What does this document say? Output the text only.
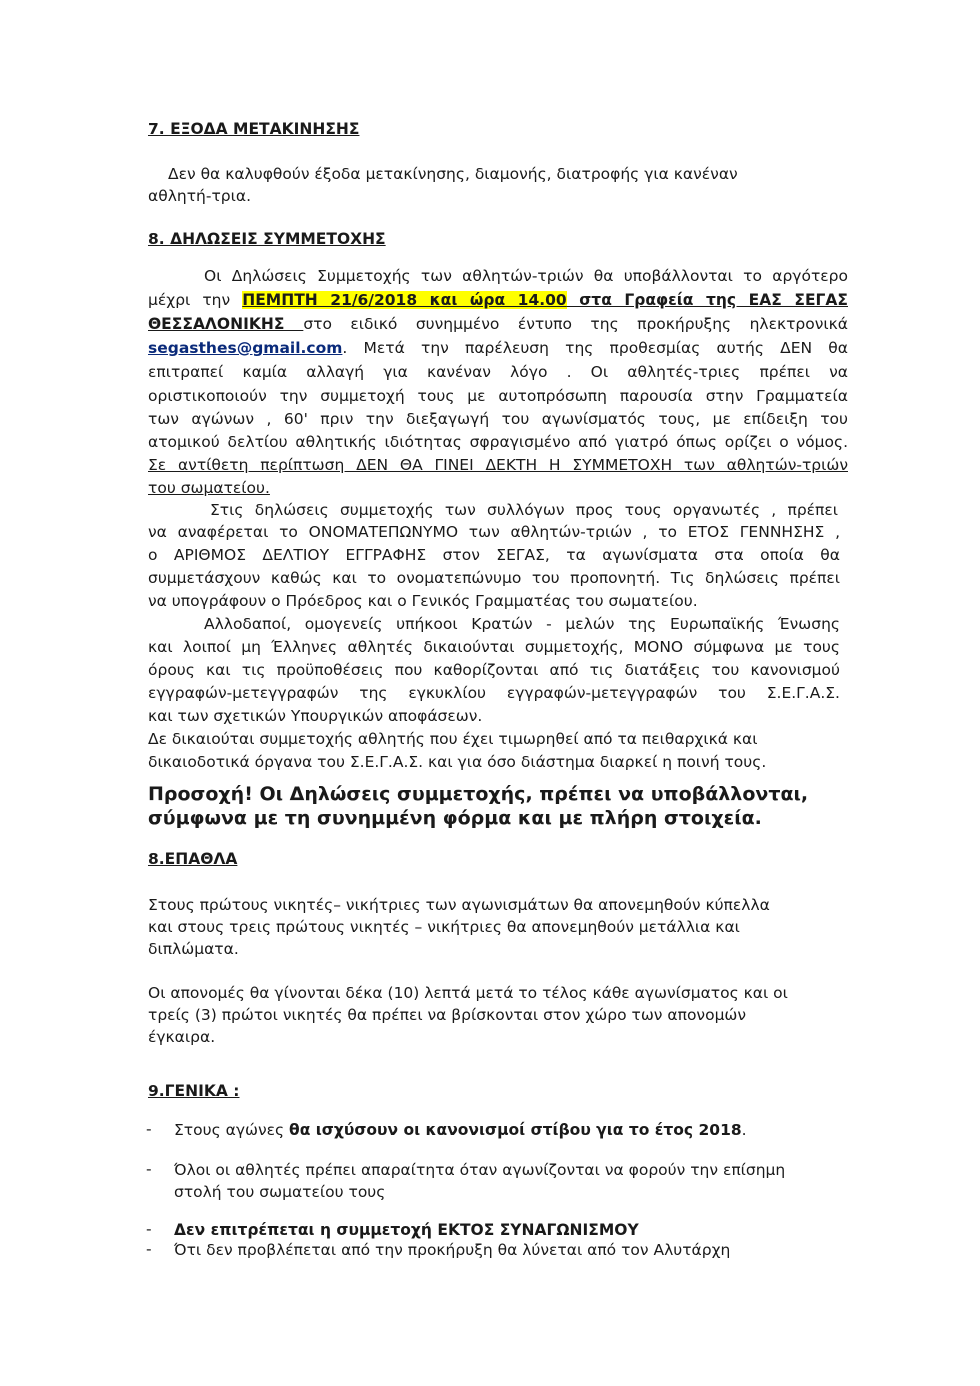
7. ΕΞΟΔΑ ΜΕΤΑΚΙΝΗΣΗΣ
Δεν θα καλυφθούν έξοδα μετακίνησης, διαμονής, διατροφής για κανέναν
αθλητή-τρια.
8. ΔΗΛΩΣΕΙΣ ΣΥΜΜΕΤΟΧΗΣ
Οι Δηλώσεις Συμμετοχής των αθλητών-τριών θα υποβάλλονται το αργότερο
μέχρι την ΠΕΜΠΤΗ 21/6/2018 και ώρα 14.00 στα Γραφεία της ΕΑΣ ΣΕΓΑΣ
ΘΕΣΣΑΛΟΝΙΚΗΣ στο ειδικό συνημμένο έντυπο της προκήρυξης ηλεκτρονικά
segasthes@gmail.com. Μετά την παρέλευση της προθεσμίας αυτής ΔΕΝ θα
επιτραπεί καμία αλλαγή για κανέναν λόγο . Οι αθλητές-τριες πρέπει να
οριστικοποιούν την συμμετοχή τους με αυτοπρόσωπη παρουσία στην Γραμματεία
των αγώνων , 60' πριν την διεξαγωγή του αγωνίσματός τους, με επίδειξη του
ατομικού δελτίου αθλητικής ιδιότητας σφραγισμένο από γιατρό όπως ορίζει ο νόμος.
Σε αντίθετη περίπτωση ΔΕΝ ΘΑ ΓΙΝΕΙ ΔΕΚΤΗ Η ΣΥΜΜΕΤΟΧΗ των αθλητών-τριών
του σωματείου.
Στις δηλώσεις συμμετοχής των συλλόγων προς τους οργανωτές , πρέπει
να αναφέρεται το ΟΝΟΜΑΤΕΠΩΝΥΜΟ των αθλητών-τριών , το ΕΤΟΣ ΓΕΝΝΗΣΗΣ ,
ο ΑΡΙΘΜΟΣ ΔΕΛΤΙΟΥ ΕΓΓΡΑΦΗΣ στον ΣΕΓΑΣ, τα αγωνίσματα στα οποία θα
συμμετάσχουν καθώς και το ονοματεπώνυμο του προπονητή. Τις δηλώσεις πρέπει
να υπογράφουν ο Πρόεδρος και ο Γενικός Γραμματέας του σωματείου.
Αλλοδαποί, ομογενείς υπήκοοι Κρατών - μελών της Ευρωπαϊκής Ένωσης
και λοιποί μη Έλληνες αθλητές δικαιούνται συμμετοχής, ΜΟΝΟ σύμφωνα με τους
όρους και τις προϋποθέσεις που καθορίζονται από τις διατάξεις του κανονισμού
εγγραφών-μετεγγραφών της εγκυκλίου εγγραφών-μετεγγραφών του Σ.Ε.Γ.Α.Σ.
και των σχετικών Υπουργικών αποφάσεων.
Δε δικαιούται συμμετοχής αθλητής που έχει τιμωρηθεί από τα πειθαρχικά και
δικαιοδοτικά όργανα του Σ.Ε.Γ.Α.Σ. και για όσο διάστημα διαρκεί η ποινή τους.
Προσοχή! Οι Δηλώσεις συμμετοχής, πρέπει να υποβάλλονται,
σύμφωνα με τη συνημμένη φόρμα και με πλήρη στοιχεία.
8.ΕΠΑΘΛΑ
Στους πρώτους νικητές– νικήτριες των αγωνισμάτων θα απονεμηθούν κύπελλα
και στους τρεις πρώτους νικητές – νικήτριες θα απονεμηθούν μετάλλια και
διπλώματα.
Οι απονομές θα γίνονται δέκα (10) λεπτά μετά το τέλος κάθε αγωνίσματος και οι
τρείς (3) πρώτοι νικητές θα πρέπει να βρίσκονται στον χώρο των απονομών
έγκαιρα.
9.ΓΕΝΙΚΑ :
- Στους αγώνες θα ισχύσουν οι κανονισμοί στίβου για το έτος 2018.
- Όλοι οι αθλητές πρέπει απαραίτητα όταν αγωνίζονται να φορούν την επίσημη
στολή του σωματείου τους
- Δεν επιτρέπεται η συμμετοχή ΕΚΤΟΣ ΣΥΝΑΓΩΝΙΣΜΟΥ
- Ότι δεν προβλέπεται από την προκήρυξη θα λύνεται από τον Αλυτάρχη
